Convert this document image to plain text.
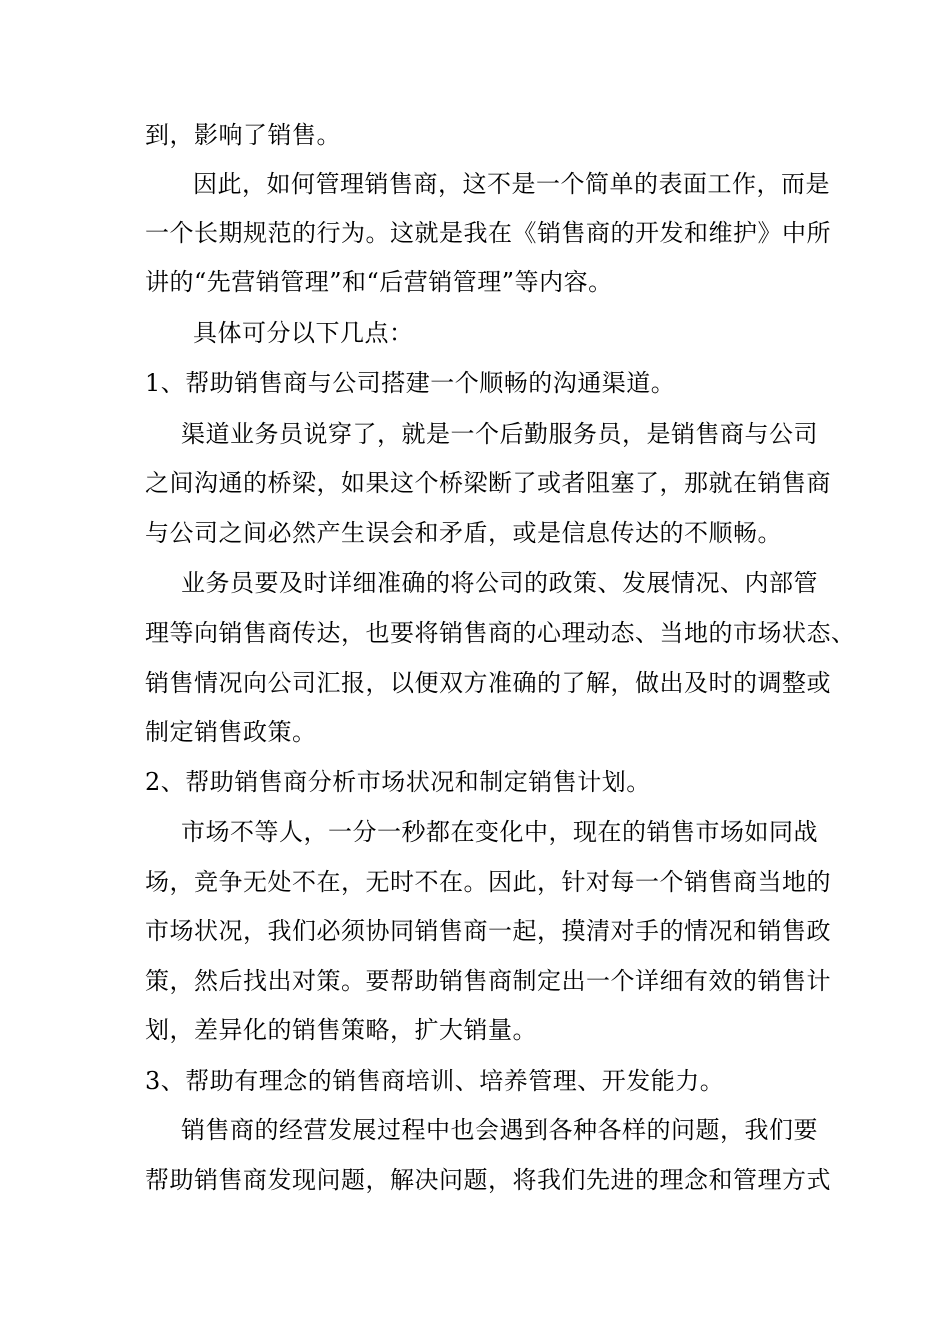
到，影响了销售。
因此，如何管理销售商，这不是一个简单的表面工作，而是
一个长期规范的行为。这就是我在《销售商的开发和维护》中所
讲的“先营销管理”和“后营销管理”等内容。
具体可分以下几点：
1、帮助销售商与公司搭建一个顺畅的沟通渠道。
渠道业务员说穿了，就是一个后勤服务员，是销售商与公司
之间沟通的桥梁，如果这个桥梁断了或者阻塞了，那就在销售商
与公司之间必然产生误会和矛盾，或是信息传达的不顺畅。
业务员要及时详细准确的将公司的政策、发展情况、内部管
理等向销售商传达，也要将销售商的心理动态、当地的市场状态、
销售情况向公司汇报，以便双方准确的了解，做出及时的调整或
制定销售政策。
2、帮助销售商分析市场状况和制定销售计划。
市场不等人，一分一秒都在变化中，现在的销售市场如同战
场，竞争无处不在，无时不在。因此，针对每一个销售商当地的
市场状况，我们必须协同销售商一起，摸清对手的情况和销售政
策，然后找出对策。要帮助销售商制定出一个详细有效的销售计
划，差异化的销售策略，扩大销量。
3、帮助有理念的销售商培训、培养管理、开发能力。
销售商的经营发展过程中也会遇到各种各样的问题，我们要
帮助销售商发现问题，解决问题，将我们先进的理念和管理方式
